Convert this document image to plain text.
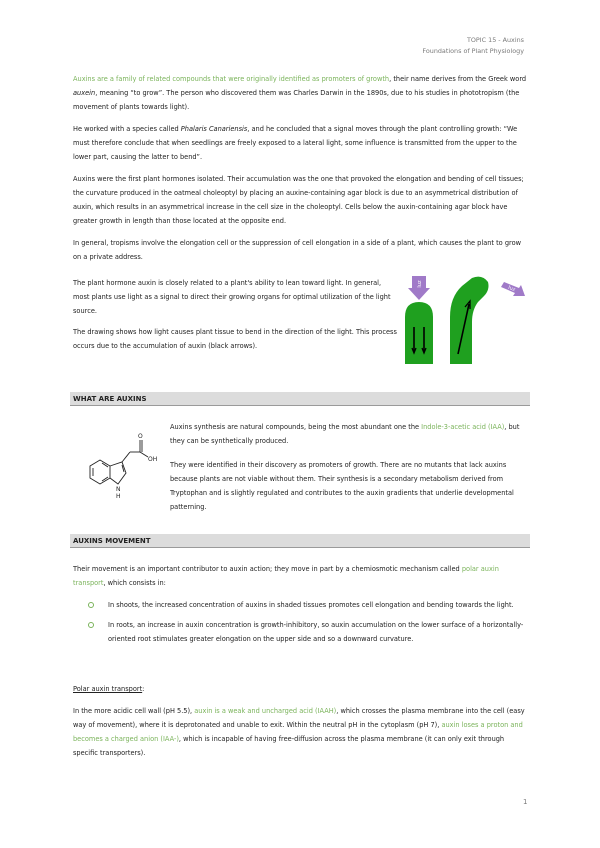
TOPIC 15 - Auxins
Foundations of Plant Physiology

Auxins are a family of related compounds that were originally identified as promoters of growth, their name derives from the Greek word auxein, meaning “to grow”. The person who discovered them was Charles Darwin in the 1890s, due to his studies in phototropism (the movement of plants towards light).

He worked with a species called Phalaris Canariensis, and he concluded that a signal moves through the plant controlling growth: “We must therefore conclude that when seedlings are freely exposed to a lateral light, some influence is transmitted from the upper to the lower part, causing the latter to bend”.

Auxins were the first plant hormones isolated. Their accumulation was the one that provoked the elongation and bending of cell tissues; the curvature produced in the oatmeal choleoptyl by placing an auxine-containing agar block is due to an asymmetrical distribution of auxin, which results in an asymmetrical increase in the cell size in the choleoptyl. Cells below the auxin-containing agar block have greater growth in length than those located at the opposite end.

In general, tropisms involve the elongation cell or the suppression of cell elongation in a side of a plant, which causes the plant to grow on a private address.

The plant hormone auxin is closely related to a plant's ability to lean toward light. In general, most plants use light as a signal to direct their growing organs for optimal utilization of the light source.

The drawing shows how light causes plant tissue to bend in the direction of the light. This process occurs due to the accumulation of auxin (black arrows).

luz
luz
WHAT ARE AUXINS
O
OH
N
H

Auxins synthesis are natural compounds, being the most abundant one the Indole-3-acetic acid (IAA), but they can be synthetically produced.

They were identified in their discovery as promoters of growth. There are no mutants that lack auxins because plants are not viable without them. Their synthesis is a secondary metabolism derived from Tryptophan and is slightly regulated and contributes to the auxin gradients that underlie developmental patterning.

AUXINS MOVEMENT

Their movement is an important contributor to auxin action; they move in part by a chemiosmotic mechanism called polar auxin transport, which consists in:

In shoots, the increased concentration of auxins in shaded tissues promotes cell elongation and bending towards the light.
In roots, an increase in auxin concentration is growth-inhibitory, so auxin accumulation on the lower surface of a horizontally-oriented root stimulates greater elongation on the upper side and so a downward curvature.

Polar auxin transport:

In the more acidic cell wall (pH 5.5), auxin is a weak and uncharged acid (IAAH), which crosses the plasma membrane into the cell (easy way of movement), where it is deprotonated and unable to exit. Within the neutral pH in the cytoplasm (pH 7), auxin loses a proton and becomes a charged anion (IAA-), which is incapable of having free-diffusion across the plasma membrane (it can only exit through specific transporters).

1
